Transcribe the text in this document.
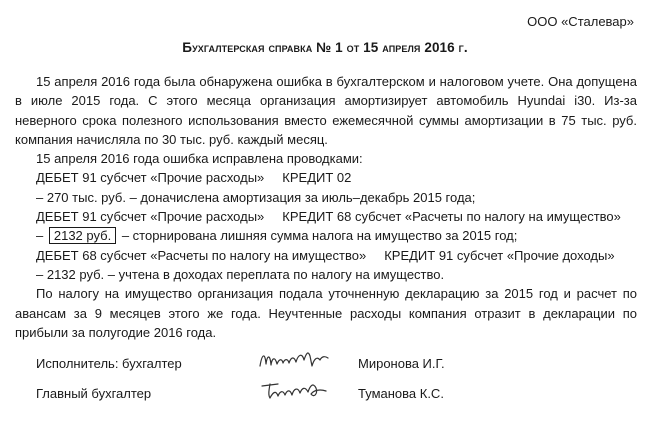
ООО «Сталевар»
Бухгалтерская справка № 1 от 15 апреля 2016 г.

15 апреля 2016 года была обнаружена ошибка в бухгалтерском и налоговом учете. Она допущена в июле 2015 года. С этого месяца организация амортизирует автомобиль Hyundai i30. Из-за неверного срока полезного использования вместо ежемесячной суммы амортизации в 75 тыс. руб. компания начисляла по 30 тыс. руб. каждый месяц.

15 апреля 2016 года ошибка исправлена проводками:

ДЕБЕТ 91 субсчет «Прочие расходы» КРЕДИТ 02

– 270 тыс. руб. – доначислена амортизация за июль–декабрь 2015 года;

ДЕБЕТ 91 субсчет «Прочие расходы» КРЕДИТ 68 субсчет «Расчеты по налогу на имущество»

– 2132 руб. – сторнирована лишняя сумма налога на имущество за 2015 год;

ДЕБЕТ 68 субсчет «Расчеты по налогу на имущество» КРЕДИТ 91 субсчет «Прочие доходы»

– 2132 руб. – учтена в доходах переплата по налогу на имущество.

По налогу на имущество организация подала уточненную декларацию за 2015 год и расчет по авансам за 9 месяцев этого же года. Неучтенные расходы компания отразит в декларации по прибыли за полугодие 2016 года.

Исполнитель: бухгалтер	Миронова И.Г.
Главный бухгалтер	Туманова К.С.
